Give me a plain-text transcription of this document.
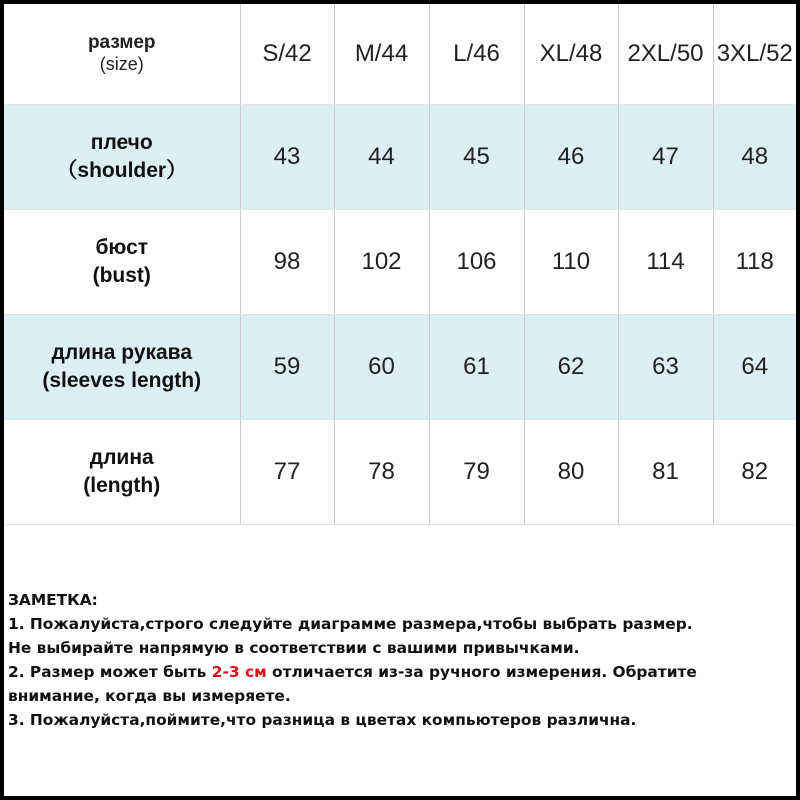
размер
(size)	S/42	M/44	L/46	XL/48	2XL/50	3XL/52
плечо
（shoulder）	43	44	45	46	47	48
бюст
(bust)	98	102	106	110	114	118
длина рукава
(sleeves length)	59	60	61	62	63	64
длина
(length)	77	78	79	80	81	82

ЗАМЕТКА:

1. Пожалуйста,строго следуйте диаграмме размера,чтобы выбрать размер.

Не выбирайте напрямую в соответствии с вашими привычками.

2. Размер может быть 2-3 см отличается из-за ручного измерения. Обратите

внимание, когда вы измеряете.

3. Пожалуйста,поймите,что разница в цветах компьютеров различна.
